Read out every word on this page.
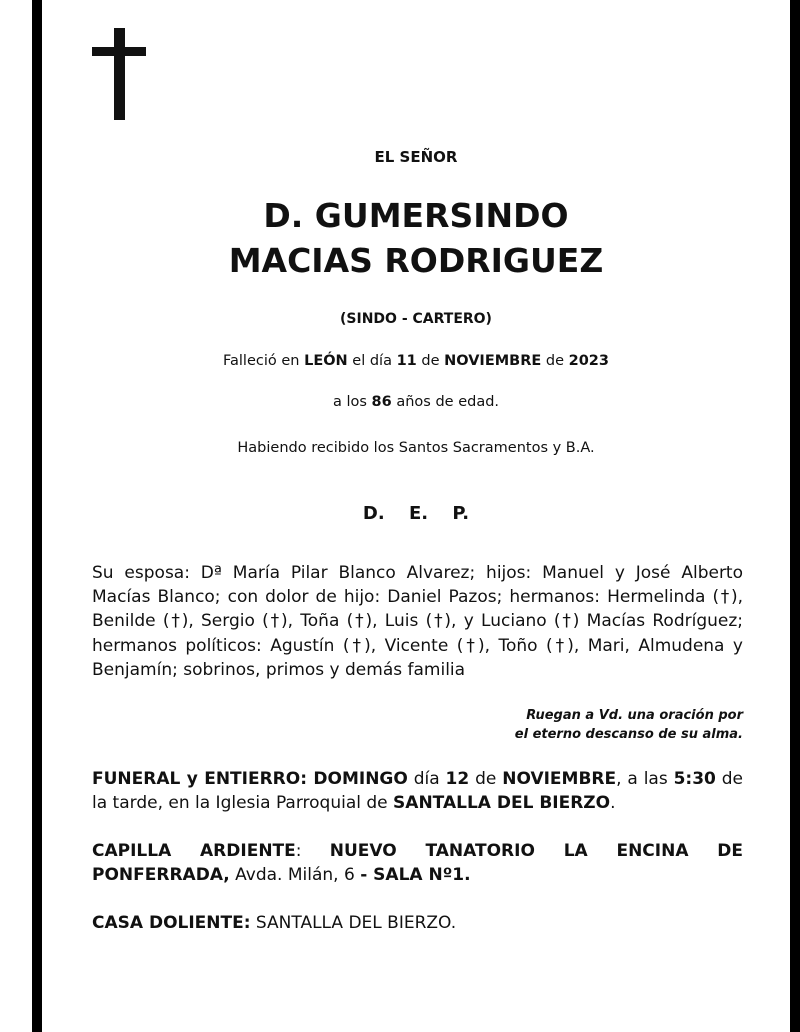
EL SEÑOR
D. GUMERSINDO
MACIAS RODRIGUEZ
(SINDO - CARTERO)
Falleció en LEÓN el día 11 de NOVIEMBRE de 2023
a los 86 años de edad.
Habiendo recibido los Santos Sacramentos y B.A.
D. E. P.
Su esposa: Dª María Pilar Blanco Alvarez; hijos: Manuel y José Alberto Macías Blanco; con dolor de hijo: Daniel Pazos; hermanos: Hermelinda (†), Benilde (†), Sergio (†), Toña (†), Luis (†), y Luciano (†) Macías Rodríguez; hermanos políticos: Agustín (†), Vicente (†), Toño (†), Mari, Almudena y Benjamín; sobrinos, primos y demás familia
Ruegan a Vd. una oración por
el eterno descanso de su alma.
FUNERAL y ENTIERRO: DOMINGO día 12 de NOVIEMBRE, a las 5:30 de la tarde, en la Iglesia Parroquial de SANTALLA DEL BIERZO.
CAPILLA ARDIENTE: NUEVO TANATORIO LA ENCINA DE PONFERRADA, Avda. Milán, 6 - SALA Nº1.
CASA DOLIENTE: SANTALLA DEL BIERZO.
